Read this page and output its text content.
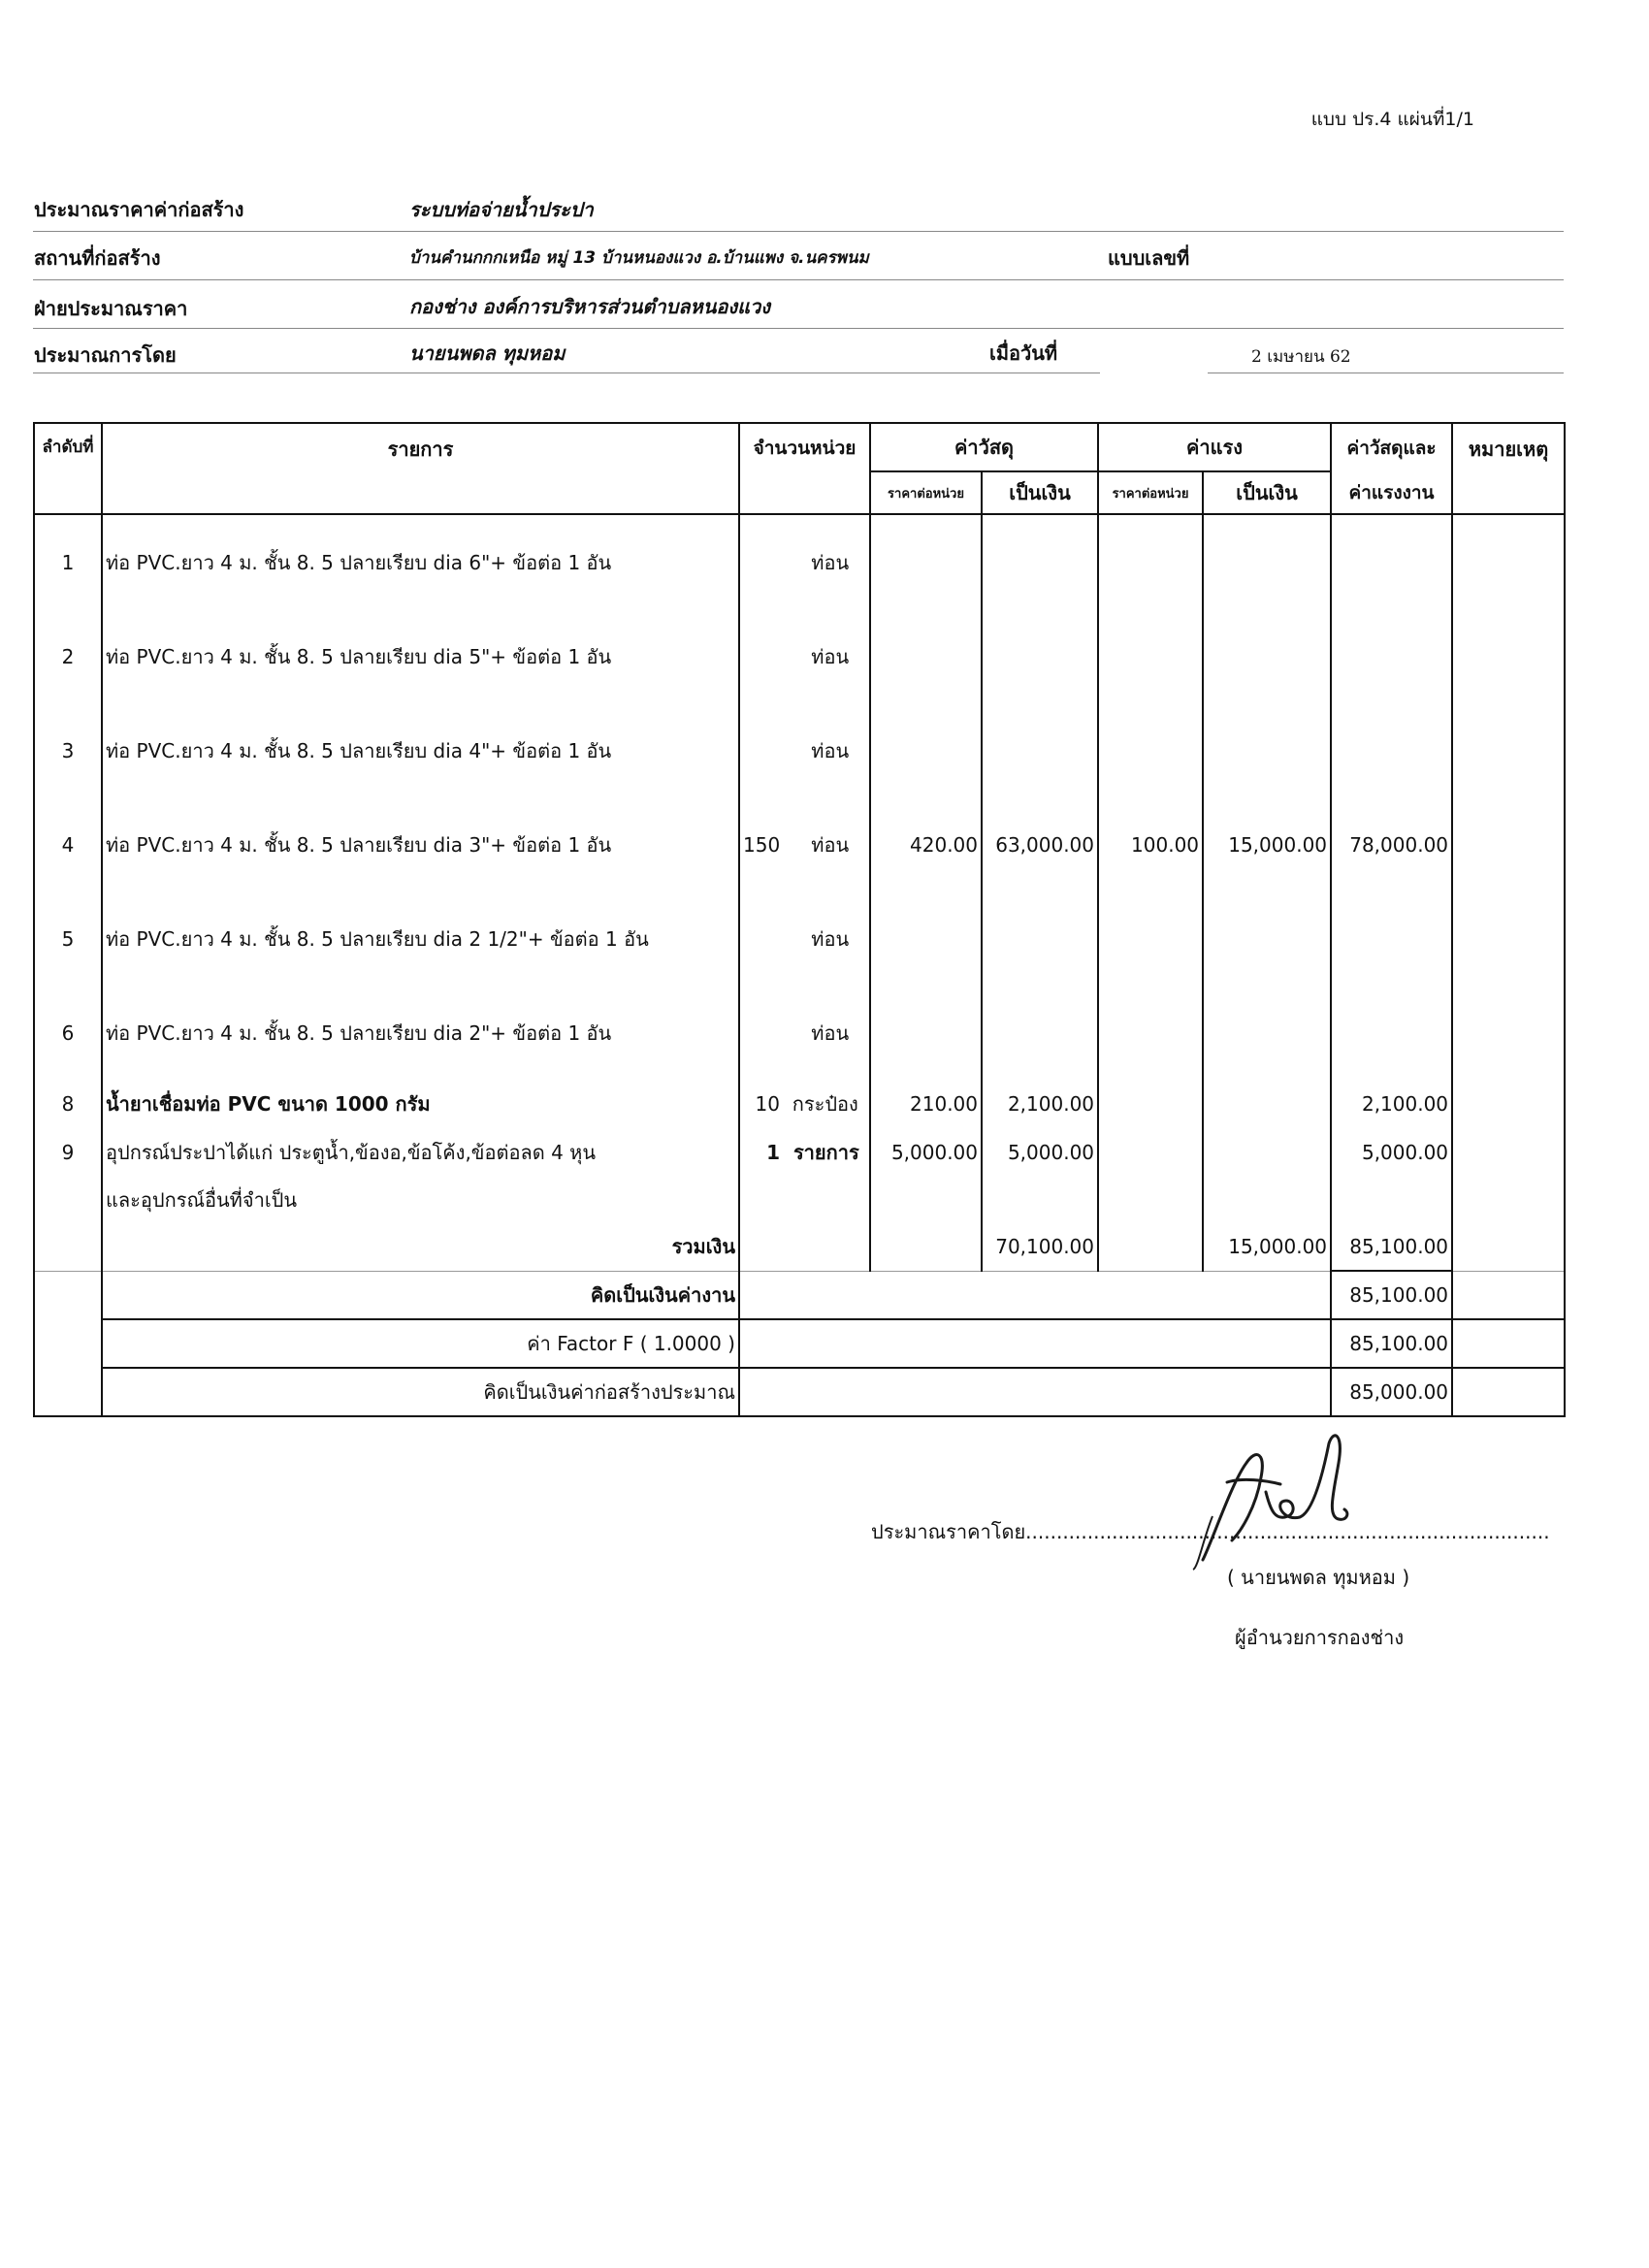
แบบ ปร.4 แผ่นที่1/1
ประมาณราคาค่าก่อสร้าง	ระบบท่อจ่ายน้ำประปา
สถานที่ก่อสร้าง	บ้านคำนกกกเหนือ หมู่ 13 บ้านหนองแวง อ.บ้านแพง จ.นครพนม	แบบเลขที่
ฝ่ายประมาณราคา	กองช่าง องค์การบริหารส่วนตำบลหนองแวง
ประมาณการโดย	นายนพดล ทุมหอม	เมื่อวันที่	2 เมษายน 62
ลำดับที่	รายการ	จำนวนหน่วย	ค่าวัสดุ		ค่าแรง		ค่าวัสดุและ	หมายเหตุ
			ราคาต่อหน่วย	เป็นเงิน	ราคาต่อหน่วย	เป็นเงิน	ค่าแรงงาน	
1	ท่อ PVC.ยาว 4 ม. ชั้น 8. 5 ปลายเรียบ dia 6"+ ข้อต่อ 1 อัน	ท่อน						
2	ท่อ PVC.ยาว 4 ม. ชั้น 8. 5 ปลายเรียบ dia 5"+ ข้อต่อ 1 อัน	ท่อน						
3	ท่อ PVC.ยาว 4 ม. ชั้น 8. 5 ปลายเรียบ dia 4"+ ข้อต่อ 1 อัน	ท่อน						
4	ท่อ PVC.ยาว 4 ม. ชั้น 8. 5 ปลายเรียบ dia 3"+ ข้อต่อ 1 อัน	150 ท่อน	420.00	63,000.00	100.00	15,000.00	78,000.00	
5	ท่อ PVC.ยาว 4 ม. ชั้น 8. 5 ปลายเรียบ dia 2 1/2"+ ข้อต่อ 1 อัน	ท่อน						
6	ท่อ PVC.ยาว 4 ม. ชั้น 8. 5 ปลายเรียบ dia 2"+ ข้อต่อ 1 อัน	ท่อน						
8	น้ำยาเชื่อมท่อ PVC ขนาด 1000 กรัม	10 กระป๋อง	210.00	2,100.00			2,100.00	
9	อุปกรณ์ประปาได้แก่ ประตูน้ำ,ข้องอ,ข้อโค้ง,ข้อต่อลด 4 หุน	1 รายการ	5,000.00	5,000.00			5,000.00	
	และอุปกรณ์อื่นที่จำเป็น							
	รวมเงิน			70,100.00		15,000.00	85,100.00	
	คิดเป็นเงินค่างาน						85,100.00	
	ค่า Factor F ( 1.0000 )						85,100.00	
	คิดเป็นเงินค่าก่อสร้างประมาณ						85,000.00	
ประมาณราคาโดย.....................................................................................
( นายนพดล ทุมหอม )
ผู้อำนวยการกองช่าง
